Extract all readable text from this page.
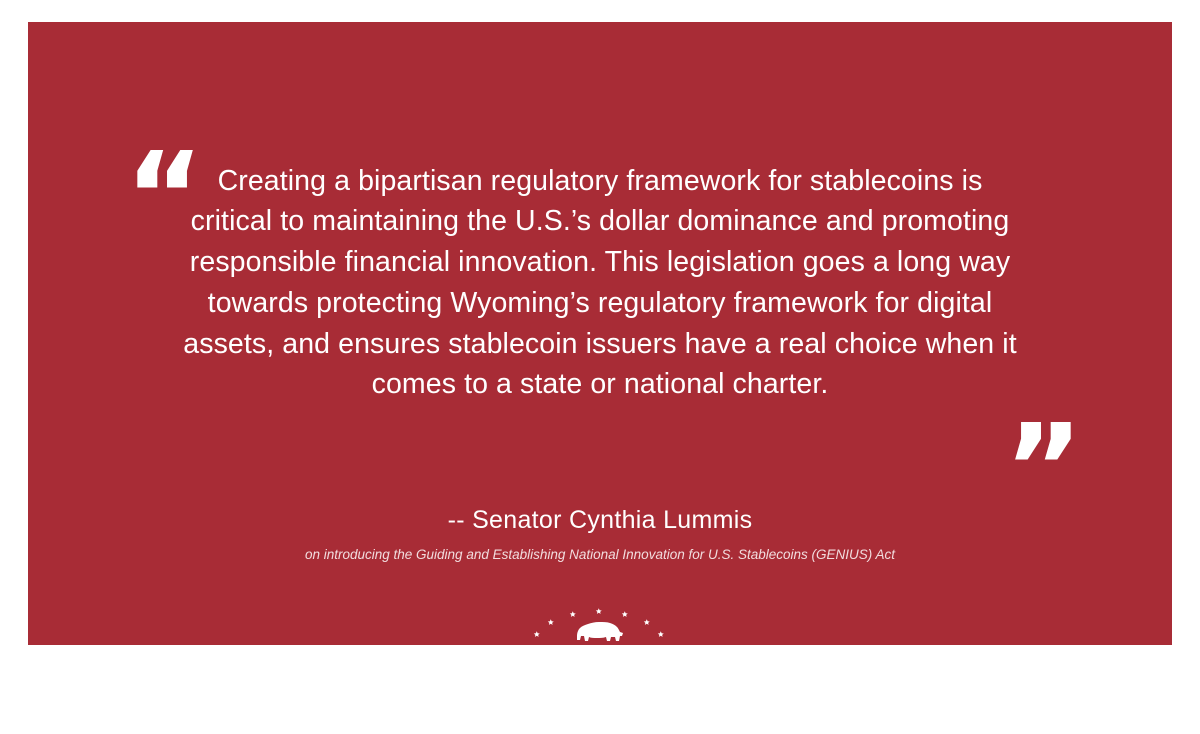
“ Creating a bipartisan regulatory framework for stablecoins is critical to maintaining the U.S.’s dollar dominance and promoting responsible financial innovation. This legislation goes a long way towards protecting Wyoming’s regulatory framework for digital assets, and ensures stablecoin issuers have a real choice when it comes to a state or national charter.

”
-- Senator Cynthia Lummis
on introducing the Guiding and Establishing National Innovation for U.S. Stablecoins (GENIUS) Act
C Y N T H I A
LUMMIS
SENATOR FOR WYOMING
